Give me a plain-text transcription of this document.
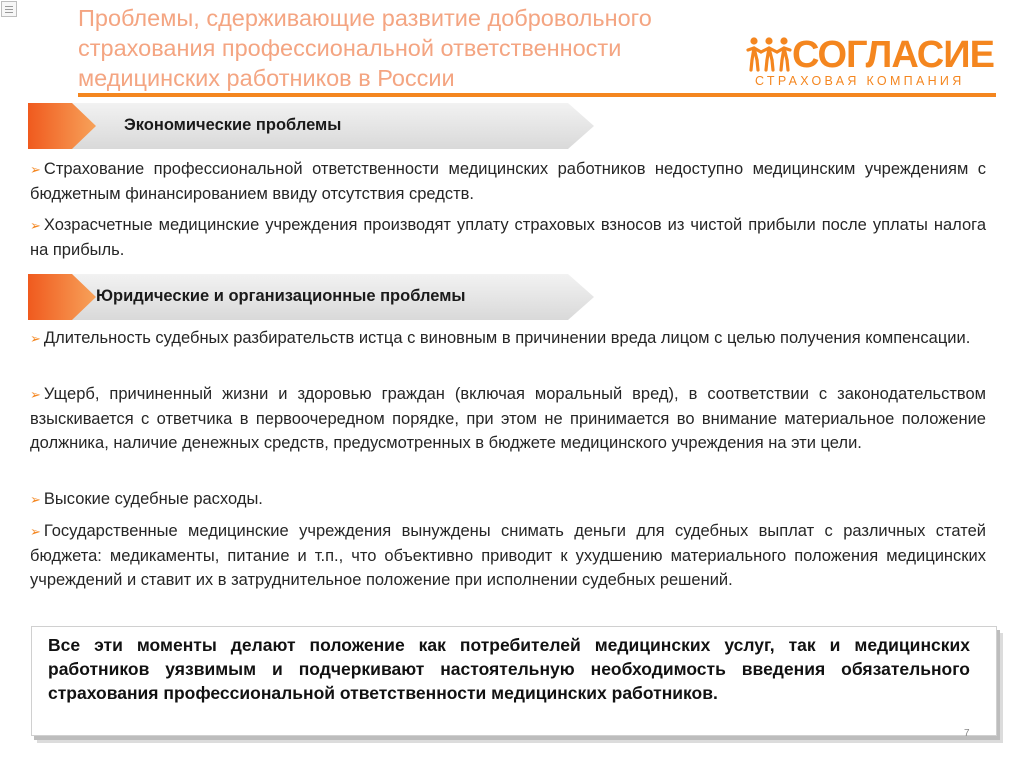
Проблемы, сдерживающие развитие добровольного
страхования профессиональной ответственности
медицинских работников в России
СОГЛАСИЕ
СТРАХОВАЯ КОМПАНИЯ
Экономические проблемы
➢ Страхование профессиональной ответственности медицинских работников недоступно медицинским учреждениям с бюджетным финансированием ввиду отсутствия средств.
➢ Хозрасчетные медицинские учреждения производят уплату страховых взносов из чистой прибыли после уплаты налога на прибыль.
Юридические и организационные проблемы
➢ Длительность судебных разбирательств истца с виновным в причинении вреда лицом с целью получения компенсации.
➢ Ущерб, причиненный жизни и здоровью граждан (включая моральный вред), в соответствии с законодательством взыскивается с ответчика в первоочередном порядке, при этом не принимается во внимание материальное положение должника, наличие денежных средств, предусмотренных в бюджете медицинского учреждения на эти цели.
➢ Высокие судебные расходы.
➢ Государственные медицинские учреждения вынуждены снимать деньги для судебных выплат с различных статей бюджета: медикаменты, питание и т.п., что объективно приводит к ухудшению материального положения медицинских учреждений и ставит их в затруднительное положение при исполнении судебных решений.
Все эти моменты делают положение как потребителей медицинских услуг, так и медицинских работников уязвимым и подчеркивают настоятельную необходимость введения обязательного страхования профессиональной ответственности медицинских работников.
7
